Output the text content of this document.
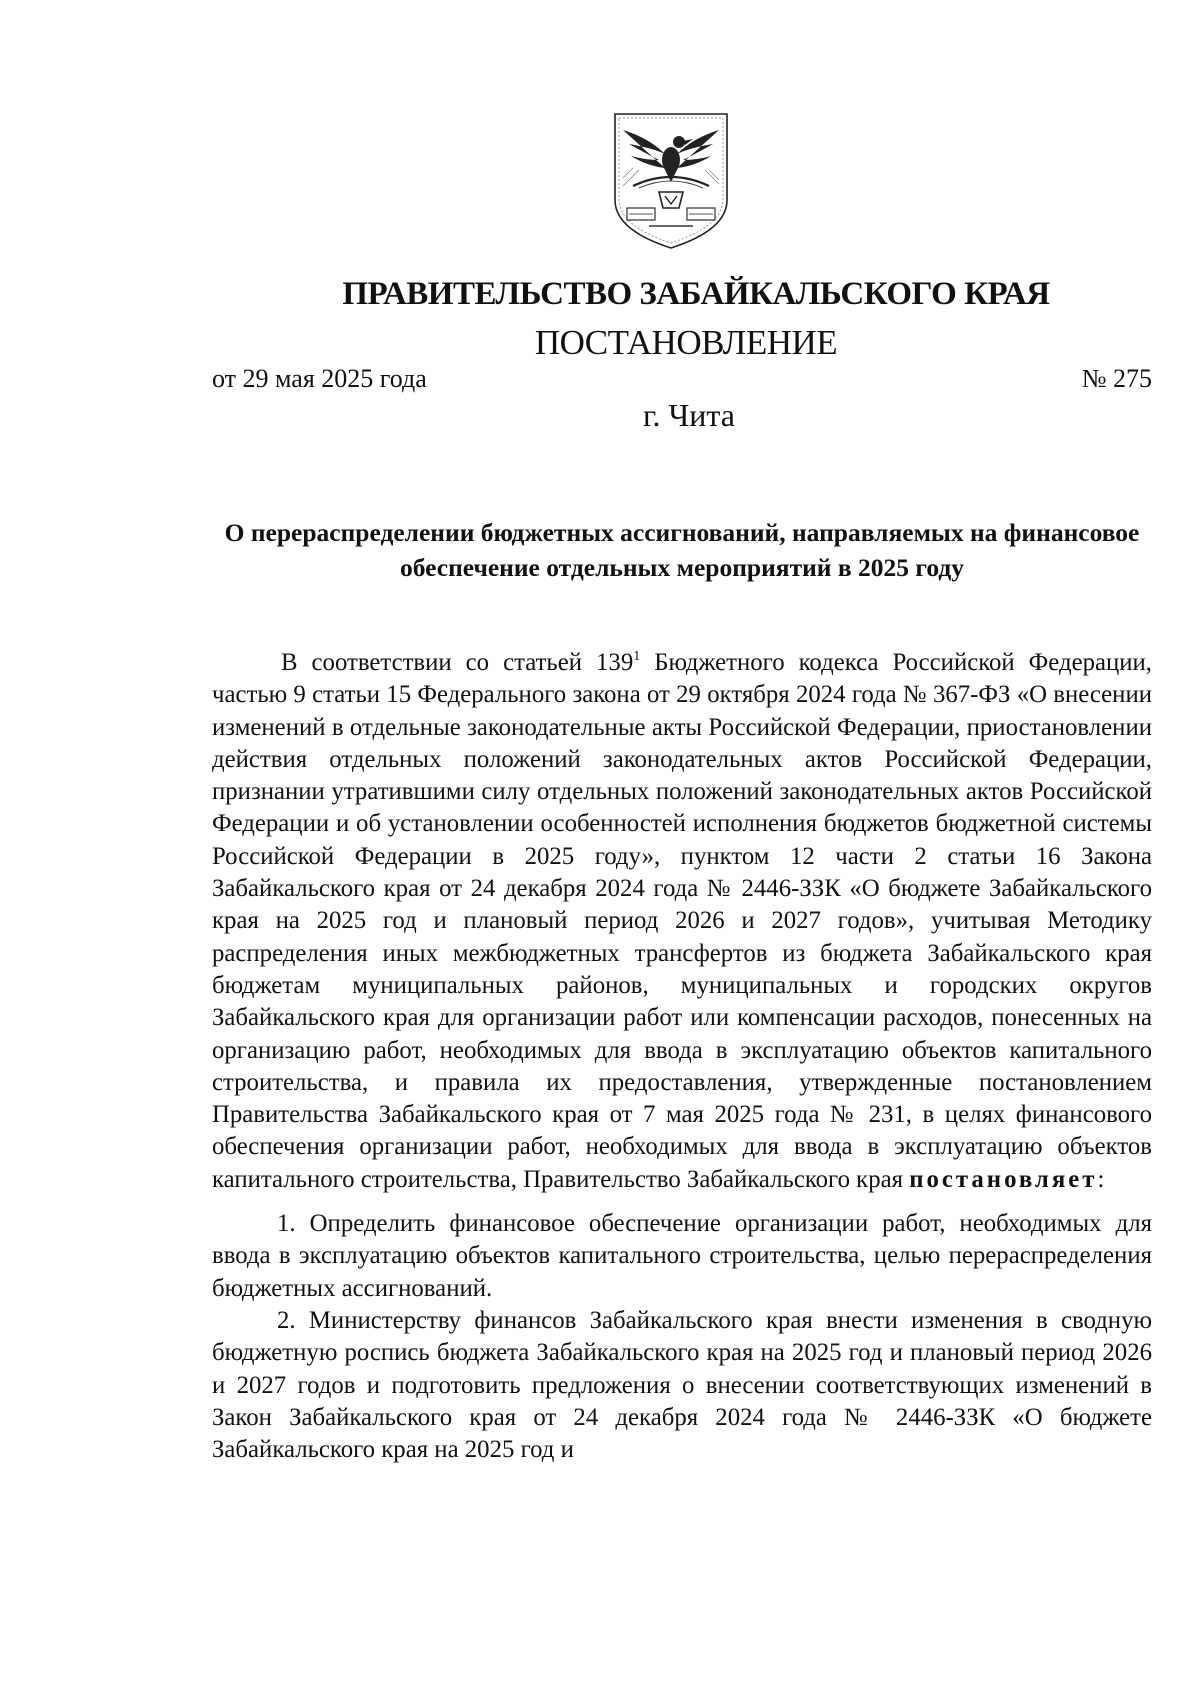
ПРАВИТЕЛЬСТВО ЗАБАЙКАЛЬСКОГО КРАЯ
ПОСТАНОВЛЕНИЕ
от 29 мая 2025 года	№ 275
г. Чита
О перераспределении бюджетных ассигнований, направляемых на финансовое обеспечение отдельных мероприятий в 2025 году

В соответствии со статьей $139^1$ Бюджетного кодекса Российской Федерации, частью 9 статьи 15 Федерального закона от 29 октября 2024 года № 367-ФЗ «О внесении изменений в отдельные законодательные акты Российской Федерации, приостановлении действия отдельных положений законодательных актов Российской Федерации, признании утратившими силу отдельных положений законодательных актов Российской Федерации и об установлении особенностей исполнения бюджетов бюджетной системы Российской Федерации в 2025 году», пунктом 12 части 2 статьи 16 Закона Забайкальского края от 24 декабря 2024 года № 2446-ЗЗК «О бюджете Забайкальского края на 2025 год и плановый период 2026 и 2027 годов», учитывая Методику распределения иных межбюджетных трансфертов из бюджета Забайкальского края бюджетам муниципальных районов, муниципальных и городских округов Забайкальского края для организации работ или компенсации расходов, понесенных на организацию работ, необходимых для ввода в эксплуатацию объектов капитального строительства, и правила их предоставления, утвержденные постановлением Правительства Забайкальского края от 7 мая 2025 года № 231, в целях финансового обеспечения организации работ, необходимых для ввода в эксплуатацию объектов капитального строительства, Правительство Забайкальского края постановляет:

1. Определить финансовое обеспечение организации работ, необходимых для ввода в эксплуатацию объектов капитального строительства, целью перераспределения бюджетных ассигнований.

2. Министерству финансов Забайкальского края внести изменения в сводную бюджетную роспись бюджета Забайкальского края на 2025 год и плановый период 2026 и 2027 годов и подготовить предложения о внесении соответствующих изменений в Закон Забайкальского края от 24 декабря 2024 года № 2446-ЗЗК «О бюджете Забайкальского края на 2025 год и
